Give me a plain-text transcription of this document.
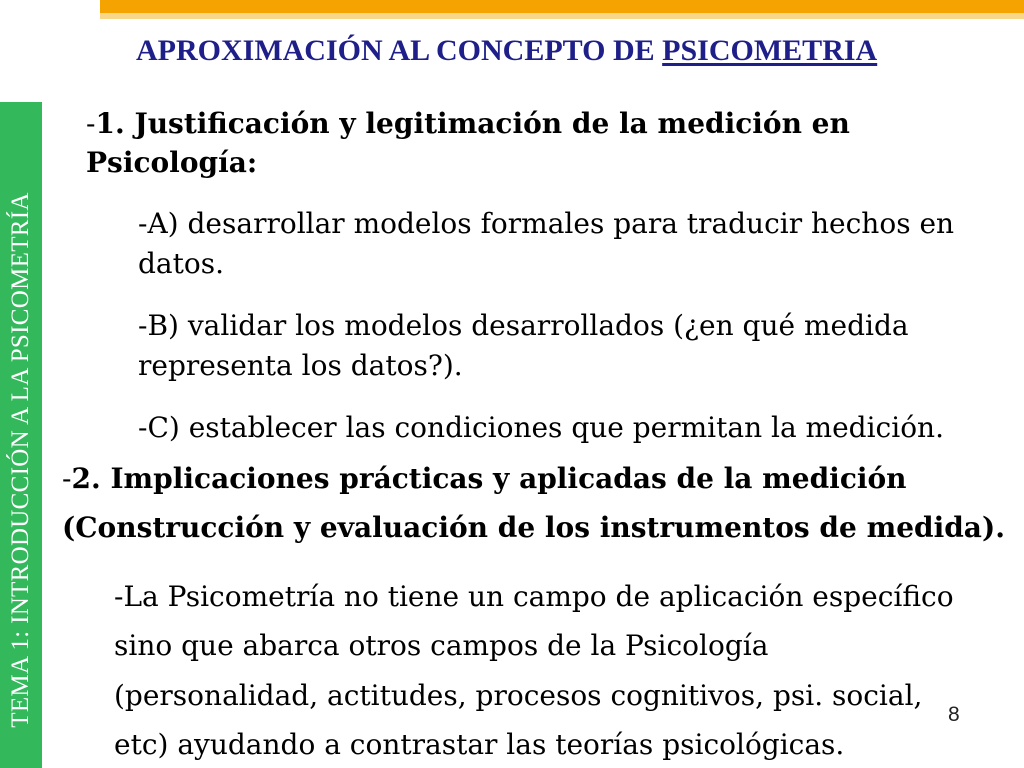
TEMA 1: INTRODUCCIÓN A LA PSICOMETRÍA
APROXIMACIÓN AL CONCEPTO DE PSICOMETRIA
-1. Justificación y legitimación de la medición en
Psicología:
-A) desarrollar modelos formales para traducir hechos en
datos.
-B) validar los modelos desarrollados (¿en qué medida
representa los datos?).
-C) establecer las condiciones que permitan la medición.
-2. Implicaciones prácticas y aplicadas de la medición
(Construcción y evaluación de los instrumentos de medida).
-La Psicometría no tiene un campo de aplicación específico
sino que abarca otros campos de la Psicología
(personalidad, actitudes, procesos cognitivos, psi. social,
etc) ayudando a contrastar las teorías psicológicas.
8
